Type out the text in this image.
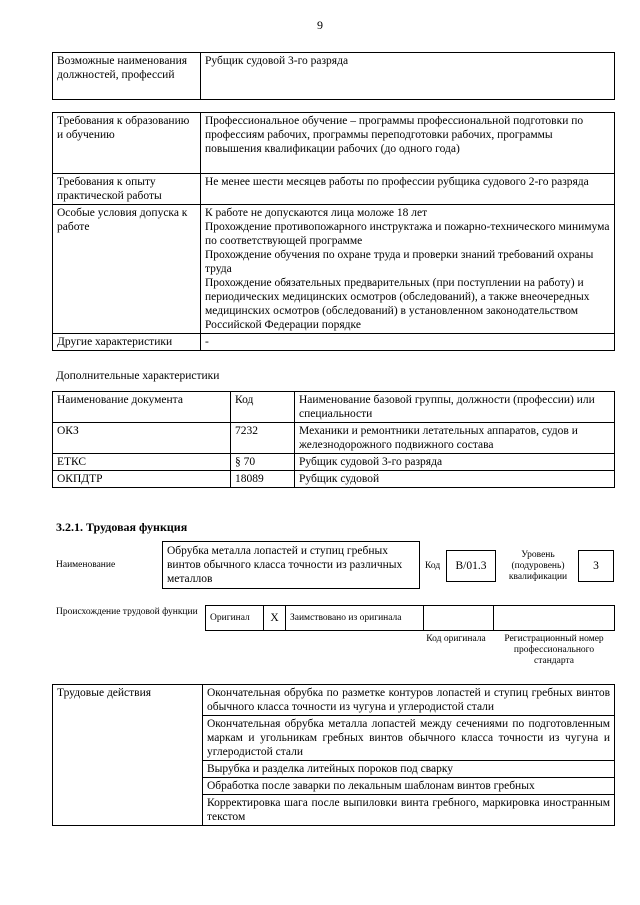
9
Возможные наименования должностей, профессий	Рубщик судовой 3-го разряда
Требования к образованию и обучению	Профессиональное обучение – программы профессиональной подготовки по профессиям рабочих, программы переподготовки рабочих, программы повышения квалификации рабочих (до одного года)

Требования к опыту практической работы	Не менее шести месяцев работы по профессии рубщика судового 2-го разряда

Особые условия допуска к работе	К работе не допускаются лица моложе 18 лет
Прохождение противопожарного инструктажа и пожарно-технического минимума по соответствующей программе
Прохождение обучения по охране труда и проверки знаний требований охраны труда
Прохождение обязательных предварительных (при поступлении на работу) и периодических медицинских осмотров (обследований), а также внеочередных медицинских осмотров (обследований) в установленном законодательством Российской Федерации порядке

Другие характеристики	-
Дополнительные характеристики
Наименование документа	Код	Наименование базовой группы, должности (профессии) или специальности
ОКЗ	7232	Механики и ремонтники летательных аппаратов, судов и железнодорожного подвижного состава
ЕТКС	§ 70	Рубщик судовой 3-го разряда
ОКПДТР	18089	Рубщик судовой
3.2.1. Трудовая функция
Наименование
Обрубка металла лопастей и ступиц гребных винтов обычного класса точности из различных металлов
Код	B/01.3
Уровень (подуровень) квалификации
3
Происхождение трудовой функции
Оригинал	X	Заимствовано из оригинала		
Код оригинала	Регистрационный номер профессионального стандарта
Трудовые действия	Окончательная обрубка по разметке контуров лопастей и ступиц гребных винтов обычного класса точности из чугуна и углеродистой стали
Окончательная обрубка металла лопастей между сечениями по подготовленным маркам и угольникам гребных винтов обычного класса точности из чугуна и углеродистой стали
Вырубка и разделка литейных пороков под сварку
Обработка после заварки по лекальным шаблонам винтов гребных
Корректировка шага после выпиловки винта гребного, маркировка иностранным текстом
